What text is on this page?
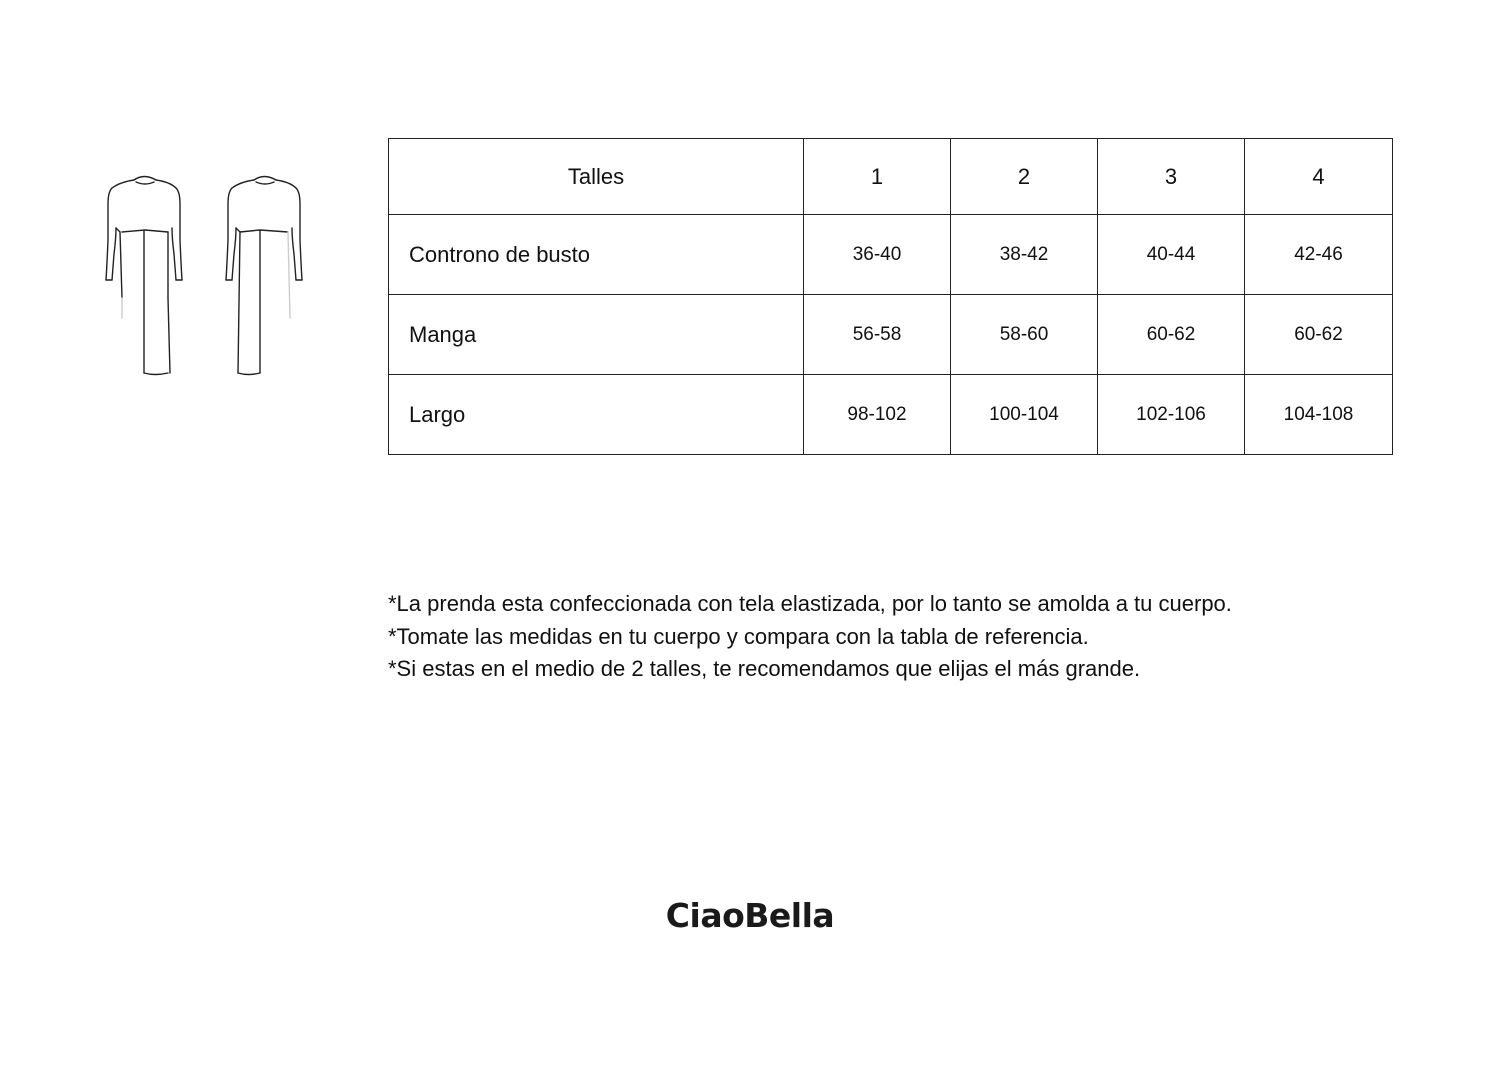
Talles	1	2	3	4
Controno de busto	36-40	38-42	40-44	42-46
Manga	56-58	58-60	60-62	60-62
Largo	98-102	100-104	102-106	104-108

*La prenda esta confeccionada con tela elastizada, por lo tanto se amolda a tu cuerpo.

*Tomate las medidas en tu cuerpo y compara con la tabla de referencia.

*Si estas en el medio de 2 talles, te recomendamos que elijas el más grande.

CiaoBella
